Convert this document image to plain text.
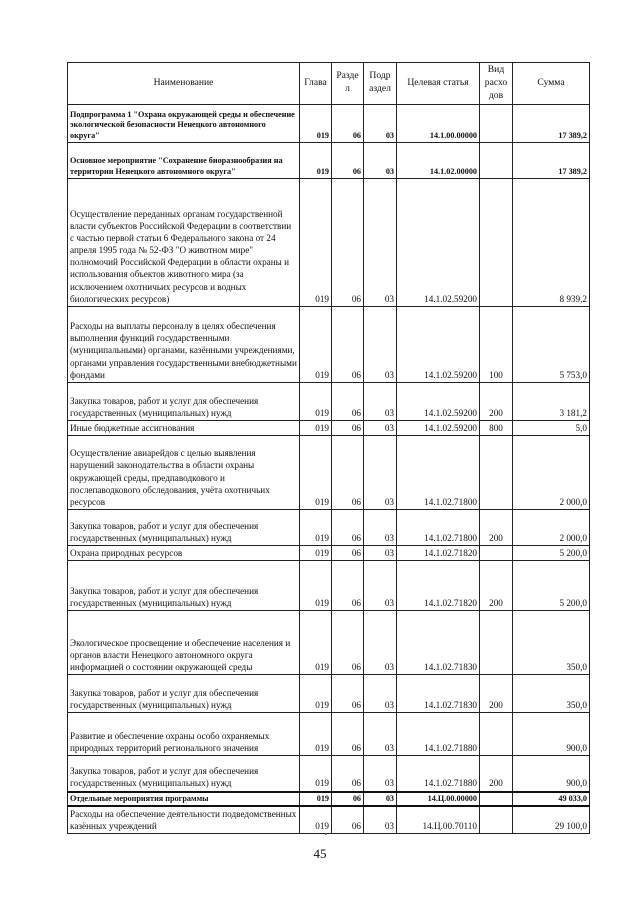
Наименование	Глава	Разде л	Подр аздел	Целевая статья	Вид расхо дов	Сумма
Подпрограмма 1 "Охрана окружающей среды и обеспечение экологической безопасности Ненецкого автономного округа"	019	06	03	14.1.00.00000		17 389,2
Основное мероприятие "Сохранение биоразнообразия на территории Ненецкого автономного округа"	019	06	03	14.1.02.00000		17 389,2
Осуществление переданных органам государственной власти субъектов Российской Федерации в соответствии с частью первой статьи 6 Федерального закона от 24 апреля 1995 года № 52-ФЗ "О животном мире" полномочий Российской Федерации в области охраны и использования объектов животного мира (за исключением охотничьих ресурсов и водных биологических ресурсов)	019	06	03	14.1.02.59200		8 939,2
Расходы на выплаты персоналу в целях обеспечения выполнения функций государственными (муниципальными) органами, казёнными учреждениями, органами управления государственными внебюджетными фондами	019	06	03	14.1.02.59200	100	5 753,0
Закупка товаров, работ и услуг для обеспечения государственных (муниципальных) нужд	019	06	03	14.1.02.59200	200	3 181,2
Иные бюджетные ассигнования	019	06	03	14.1.02.59200	800	5,0
Осуществление авиарейдов с целью выявления нарушений законодательства в области охраны окружающей среды, предпаводкового и послепаводкового обследования, учёта охотничьих ресурсов	019	06	03	14.1.02.71800		2 000,0
Закупка товаров, работ и услуг для обеспечения государственных (муниципальных) нужд	019	06	03	14.1.02.71800	200	2 000,0
Охрана природных ресурсов	019	06	03	14.1.02.71820		5 200,0
Закупка товаров, работ и услуг для обеспечения государственных (муниципальных) нужд	019	06	03	14.1.02.71820	200	5 200,0
Экологическое просвещение и обеспечение населения и органов власти Ненецкого автономного округа информацией о состоянии окружающей среды	019	06	03	14.1.02.71830		350,0
Закупка товаров, работ и услуг для обеспечения государственных (муниципальных) нужд	019	06	03	14.1.02.71830	200	350,0
Развитие и обеспечение охраны особо охраняемых природных территорий регионального значения	019	06	03	14.1.02.71880		900,0
Закупка товаров, работ и услуг для обеспечения государственных (муниципальных) нужд	019	06	03	14.1.02.71880	200	900,0
Отдельные мероприятия программы	019	06	03	14.Ц.00.00000		49 033,0
Расходы на обеспечение деятельности подведомственных казённых учреждений	019	06	03	14.Ц.00.70110		29 100,0
45
